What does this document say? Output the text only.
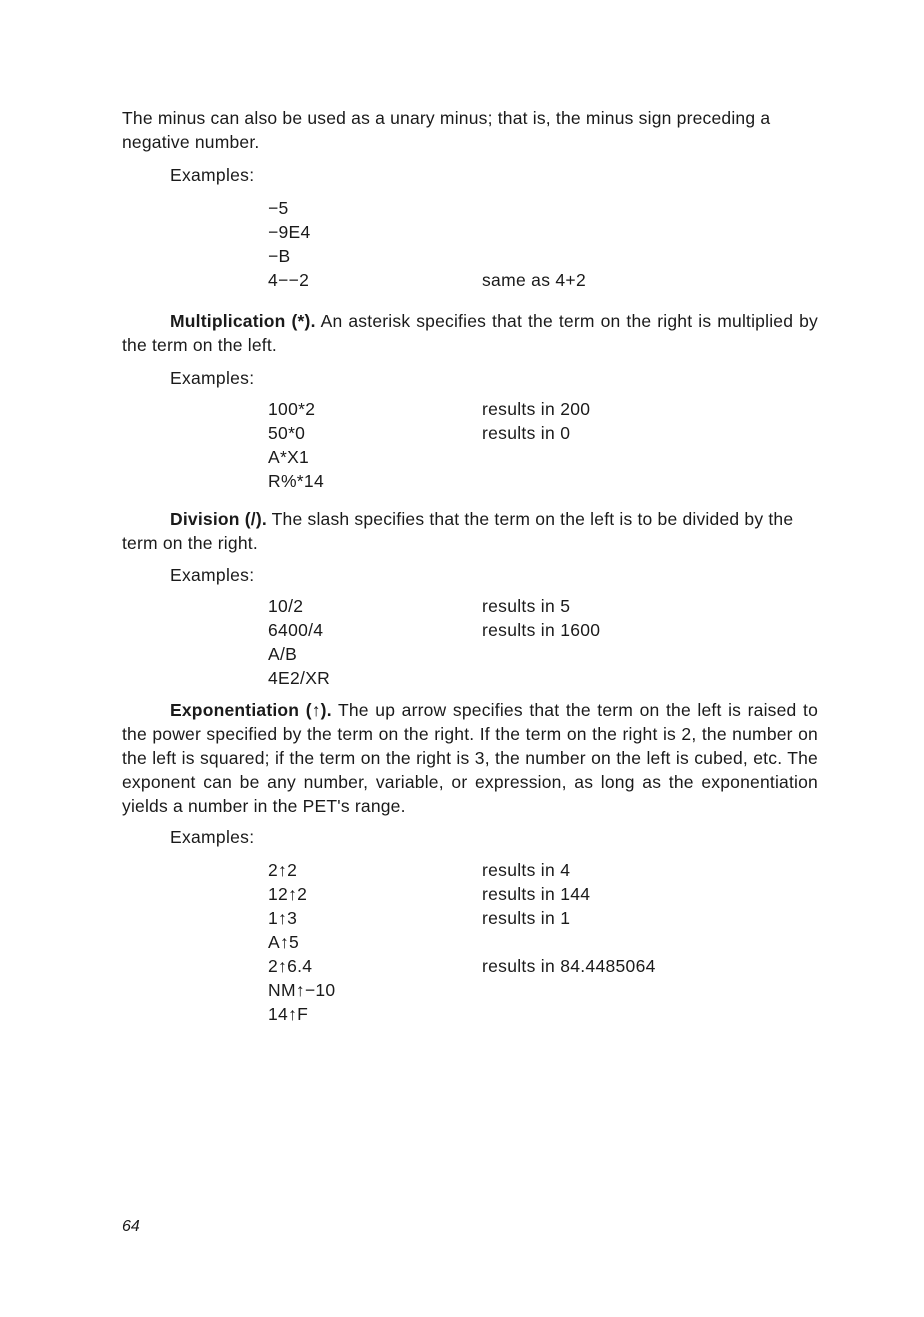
The minus can also be used as a unary minus; that is, the minus sign preceding a negative number.

Examples:
−5
−9E4
−B
4−−2	same as 4+2

Multiplication (*). An asterisk specifies that the term on the right is multiplied by the term on the left.

Examples:
100*2	results in 200
50*0	results in 0
A*X1
R%*14

Division (/). The slash specifies that the term on the left is to be divided by the term on the right.

Examples:
10/2	results in 5
6400/4	results in 1600
A/B
4E2/XR

Exponentiation (↑). The up arrow specifies that the term on the left is raised to the power specified by the term on the right. If the term on the right is 2, the number on the left is squared; if the term on the right is 3, the number on the left is cubed, etc. The exponent can be any number, variable, or expression, as long as the exponentiation yields a number in the PET's range.

Examples:
2↑2	results in 4
12↑2	results in 144
1↑3	results in 1
A↑5
2↑6.4	results in 84.4485064
NM↑−10
14↑F
64
